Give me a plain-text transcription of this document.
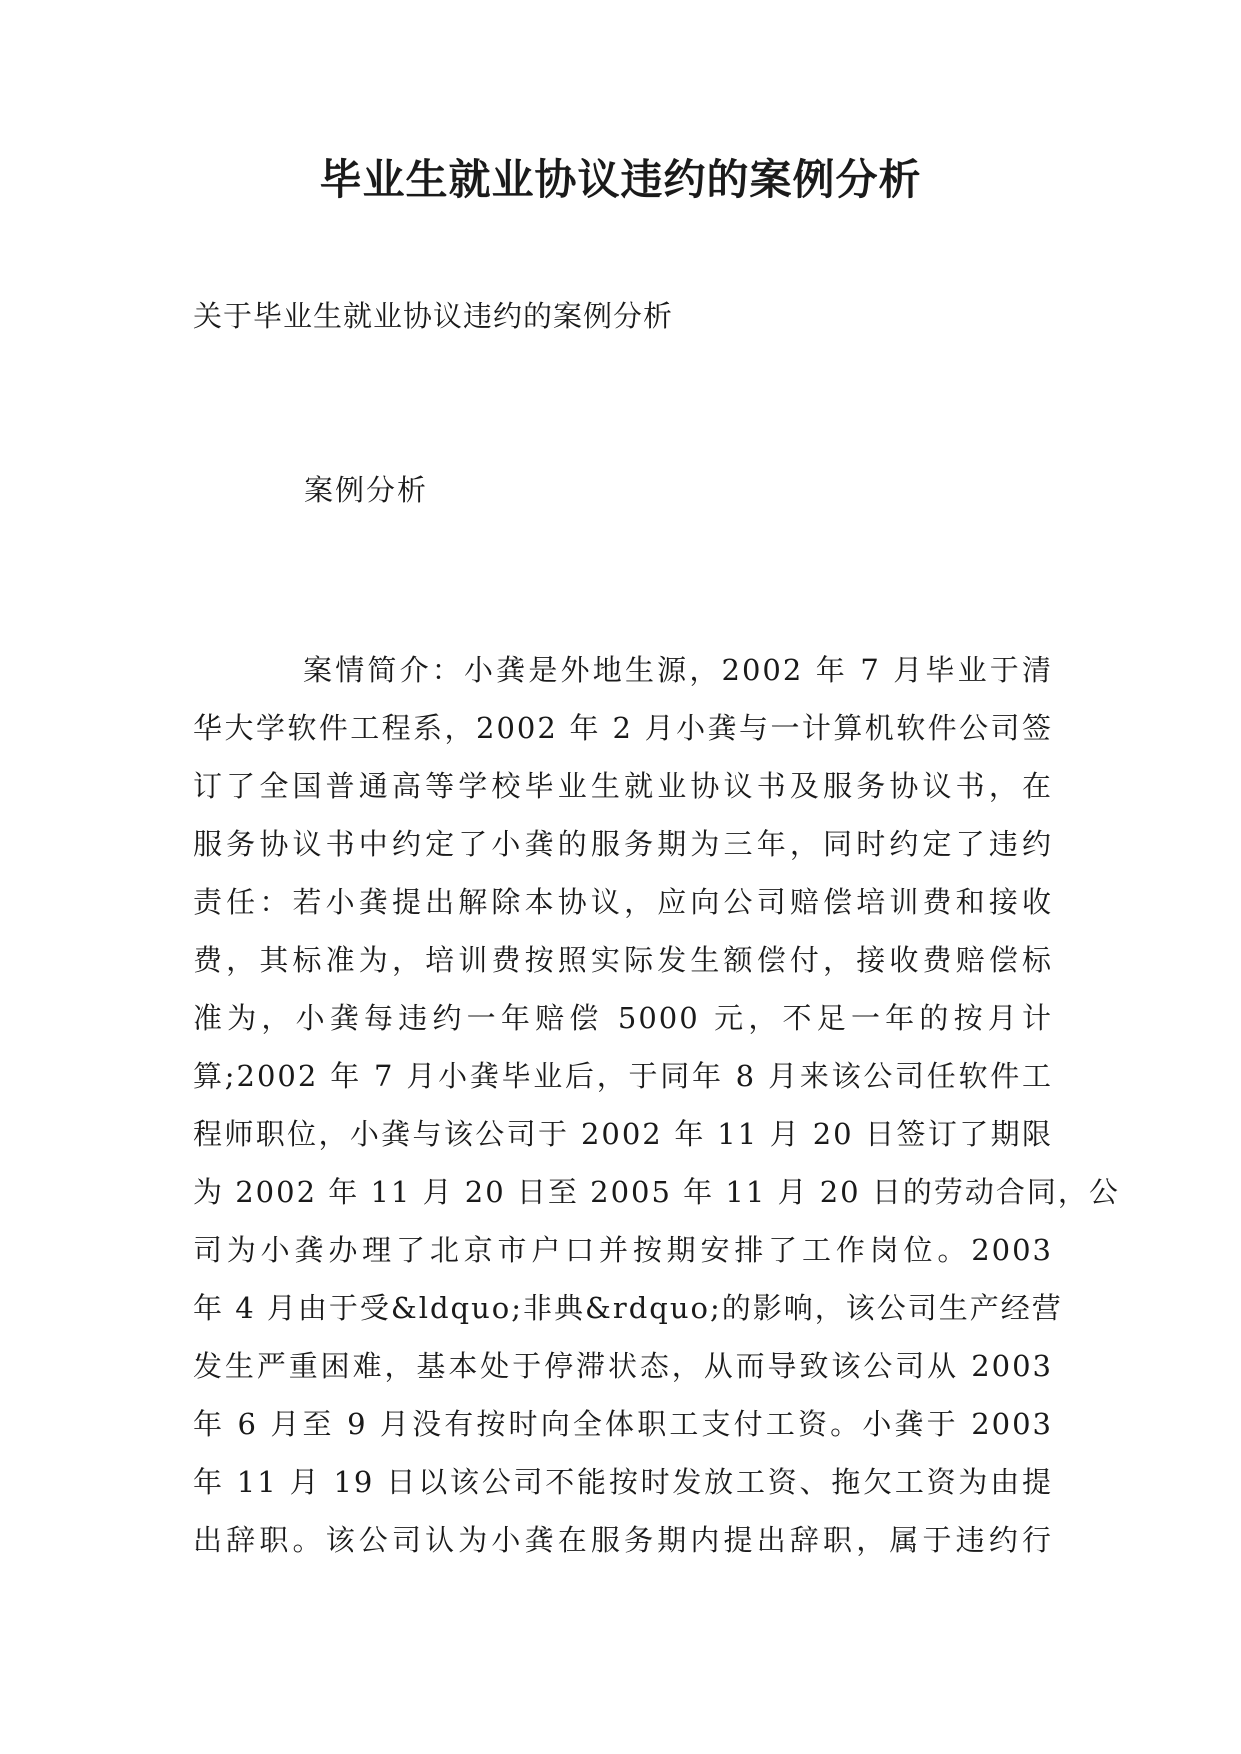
毕业生就业协议违约的案例分析

关于毕业生就业协议违约的案例分析

案例分析

案情简介：小龚是外地生源，2002 年 7 月毕业于清
华大学软件工程系，2002 年 2 月小龚与一计算机软件公司签
订了全国普通高等学校毕业生就业协议书及服务协议书，在
服务协议书中约定了小龚的服务期为三年，同时约定了违约
责任：若小龚提出解除本协议，应向公司赔偿培训费和接收
费，其标准为，培训费按照实际发生额偿付，接收费赔偿标
准为，小龚每违约一年赔偿 5000 元，不足一年的按月计
算;2002 年 7 月小龚毕业后，于同年 8 月来该公司任软件工
程师职位，小龚与该公司于 2002 年 11 月 20 日签订了期限
为 2002 年 11 月 20 日至 2005 年 11 月 20 日的劳动合同，公
司为小龚办理了北京市户口并按期安排了工作岗位。2003
年 4 月由于受&ldquo;非典&rdquo;的影响，该公司生产经营
发生严重困难，基本处于停滞状态，从而导致该公司从 2003
年 6 月至 9 月没有按时向全体职工支付工资。小龚于 2003
年 11 月 19 日以该公司不能按时发放工资、拖欠工资为由提
出辞职。该公司认为小龚在服务期内提出辞职，属于违约行
